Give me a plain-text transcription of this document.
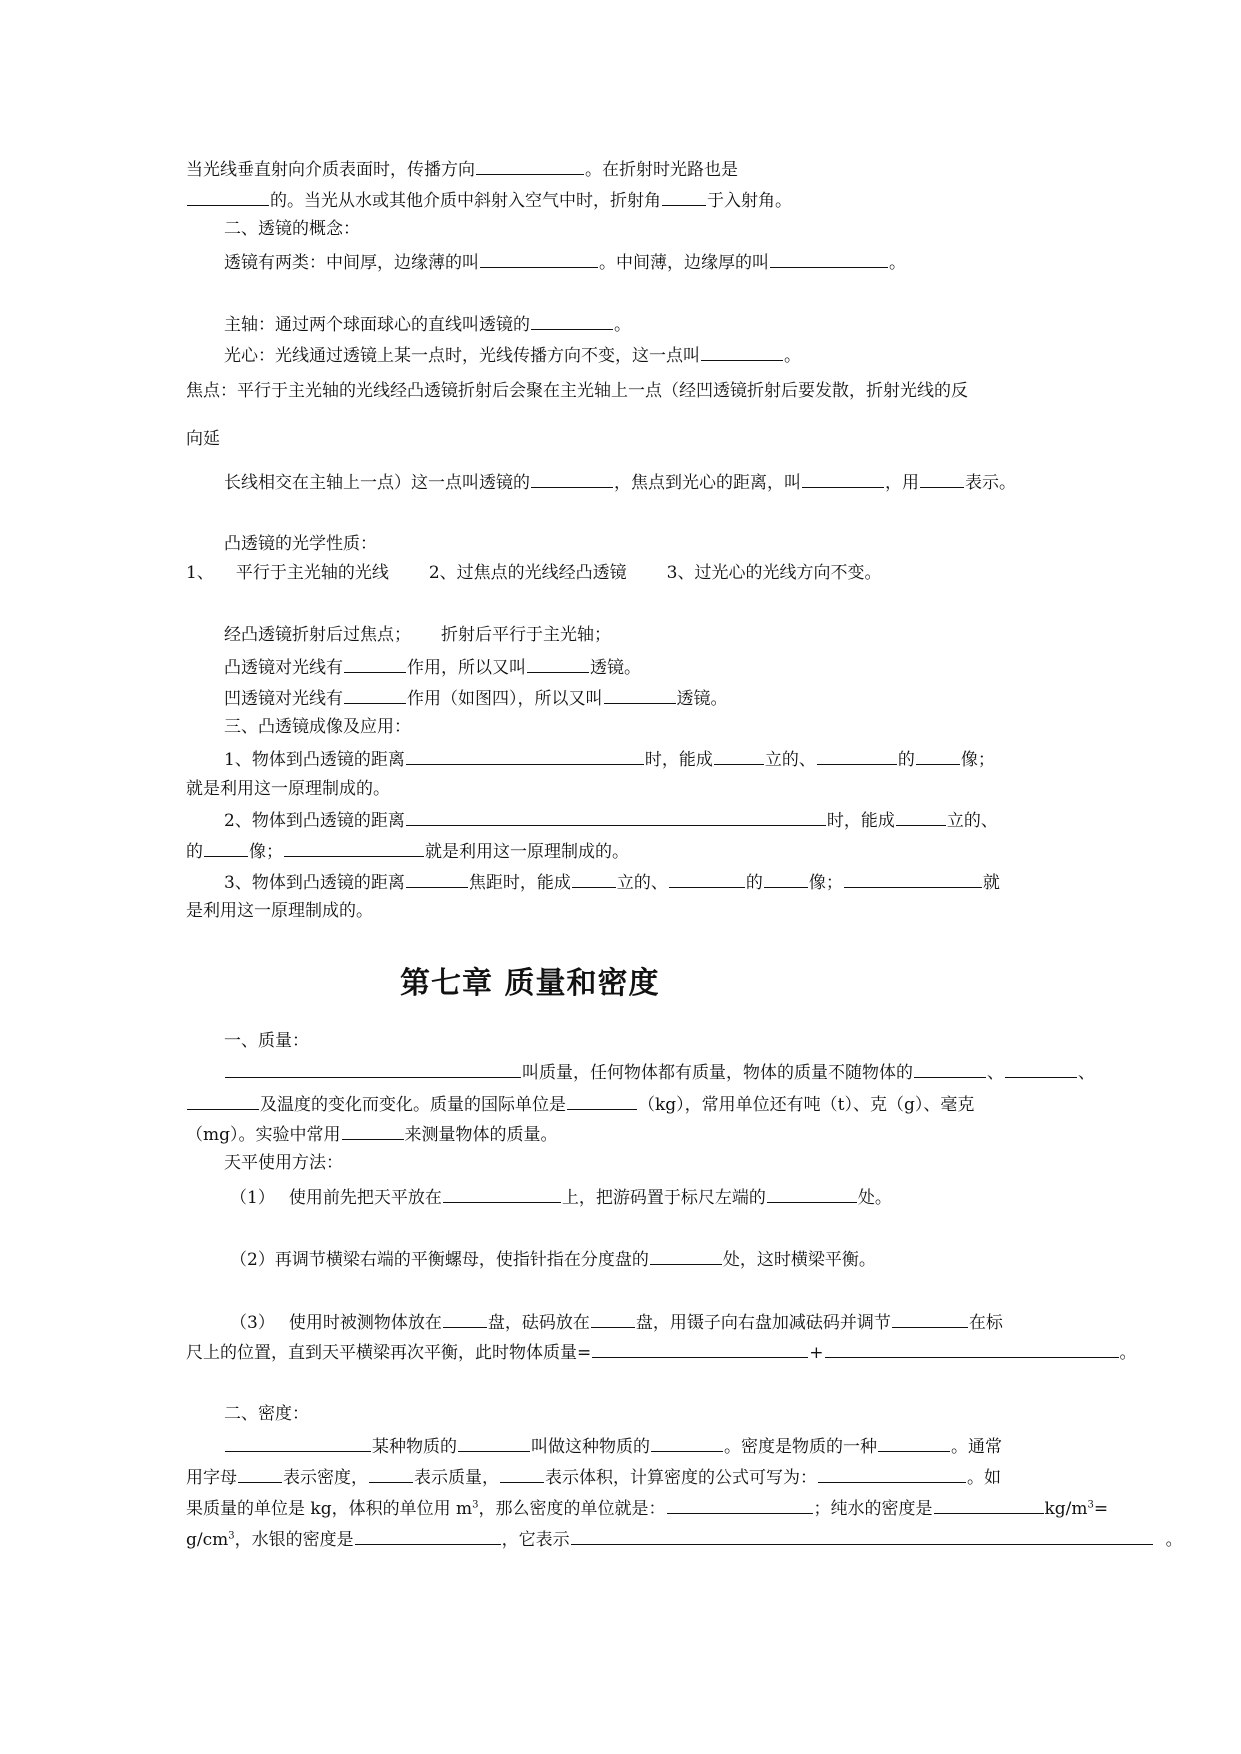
当光线垂直射向介质表面时，传播方向	。在折射时光路也是
的。当光从水或其他介质中斜射入空气中时，折射角	于入射角。
二、透镜的概念：
透镜有两类：中间厚，边缘薄的叫	。中间薄，边缘厚的叫	。
主轴：通过两个球面球心的直线叫透镜的	。
光心：光线通过透镜上某一点时，光线传播方向不变，这一点叫	。
焦点：平行于主光轴的光线经凸透镜折射后会聚在主光轴上一点（经凹透镜折射后要发散，折射光线的反
向延
长线相交在主轴上一点）这一点叫透镜的	，焦点到光心的距离，叫	，用	表示。
凸透镜的光学性质：
1、 平行于主光轴的光线 2、过焦点的光线经凸透镜 3、过光心的光线方向不变。
经凸透镜折射后过焦点； 折射后平行于主光轴；
凸透镜对光线有	作用，所以又叫	透镜。
凹透镜对光线有	作用（如图四），所以又叫	透镜。
三、凸透镜成像及应用：
1、物体到凸透镜的距离	时，能成	立的、	的	像；
就是利用这一原理制成的。
2、物体到凸透镜的距离	时，能成	立的、
的	像；	就是利用这一原理制成的。
3、物体到凸透镜的距离	焦距时，能成	立的、	的	像；	就
是利用这一原理制成的。
第七章 质量和密度
一、质量：
叫质量，任何物体都有质量，物体的质量不随物体的	、	、
及温度的变化而变化。质量的国际单位是	（kg），常用单位还有吨（t）、克（g）、毫克
（mg）。实验中常用	来测量物体的质量。
天平使用方法：
（1） 使用前先把天平放在	上，把游码置于标尺左端的	处。
（2）再调节横梁右端的平衡螺母，使指针指在分度盘的	处，这时横梁平衡。
（3） 使用时被测物体放在	盘，砝码放在	盘，用镊子向右盘加减砝码并调节	在标
尺上的位置，直到天平横梁再次平衡，此时物体质量=	+	。
二、密度：
某种物质的	叫做这种物质的	。密度是物质的一种	。通常
用字母	表示密度，	表示质量，	表示体积，计算密度的公式可写为：	。如
果质量的单位是 kg，体积的单位用 $m^3$，那么密度的单位就是：	；纯水的密度是	$kg/m^3=$
$g/cm^3$，水银的密度是	，它表示	。
